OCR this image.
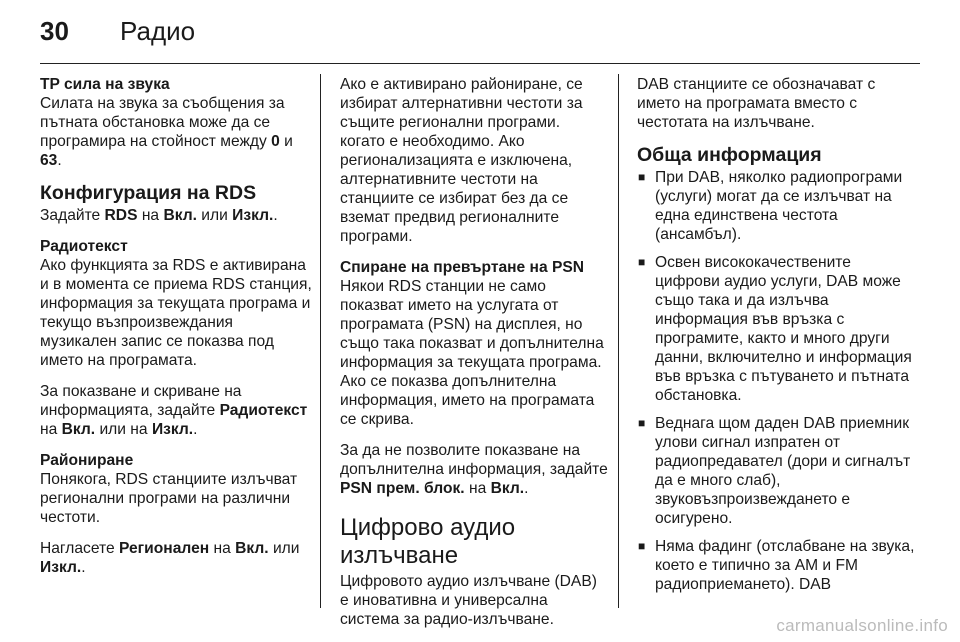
30	Радио

TP сила на звука

Силата на звука за съобщения за пътната обстановка може да се програмира на стойност между 0 и 63.

Конфигурация на RDS

Задайте RDS на Вкл. или Изкл..

Радиотекст

Ако функцията за RDS е активирана и в момента се приема RDS станция, информация за текущата програма и текущо възпроизвеждания музикален запис се показва под името на програмата.

За показване и скриване на информацията, задайте Радиотекст на Вкл. или на Изкл..

Райониране

Понякога, RDS станциите излъчват регионални програми на различни честоти.

Нагласете Регионален на Вкл. или Изкл..

Ако е активирано райониране, се избират алтернативни честоти за същите регионални програми. когато е необходимо. Ако регионализацията е изключена, алтернативните честоти на станциите се избират без да се вземат предвид регионалните програми.

Спиране на превъртане на PSN

Някои RDS станции не само показват името на услугата от програмата (PSN) на дисплея, но също така показват и допълнителна информация за текущата програма. Ако се показва допълнителна информация, името на програмата се скрива.

За да не позволите показване на допълнителна информация, задайте PSN прем. блок. на Вкл..

Цифрово аудио излъчване

Цифровото аудио излъчване (DAB) е иновативна и универсална система за радио-излъчване.

DAB станциите се обозначават с името на програмата вместо с честотата на излъчване.

Обща информация
■ При DAB, няколко радиопрограми (услуги) могат да се излъчват на една единствена честота (ансамбъл).
■ Освен висококачествените цифрови аудио услуги, DAB може също така и да излъчва информация във връзка с програмите, както и много други данни, включително и информация във връзка с пътуването и пътната обстановка.
■ Веднага щом даден DAB приемник улови сигнал изпратен от радиопредавател (дори и сигналът да е много слаб), звуковъзпроизвеждането е осигурено.
■ Няма фадинг (отслабване на звука, което е типично за AM и FM радиоприемането). DAB
carmanualsonline.info
